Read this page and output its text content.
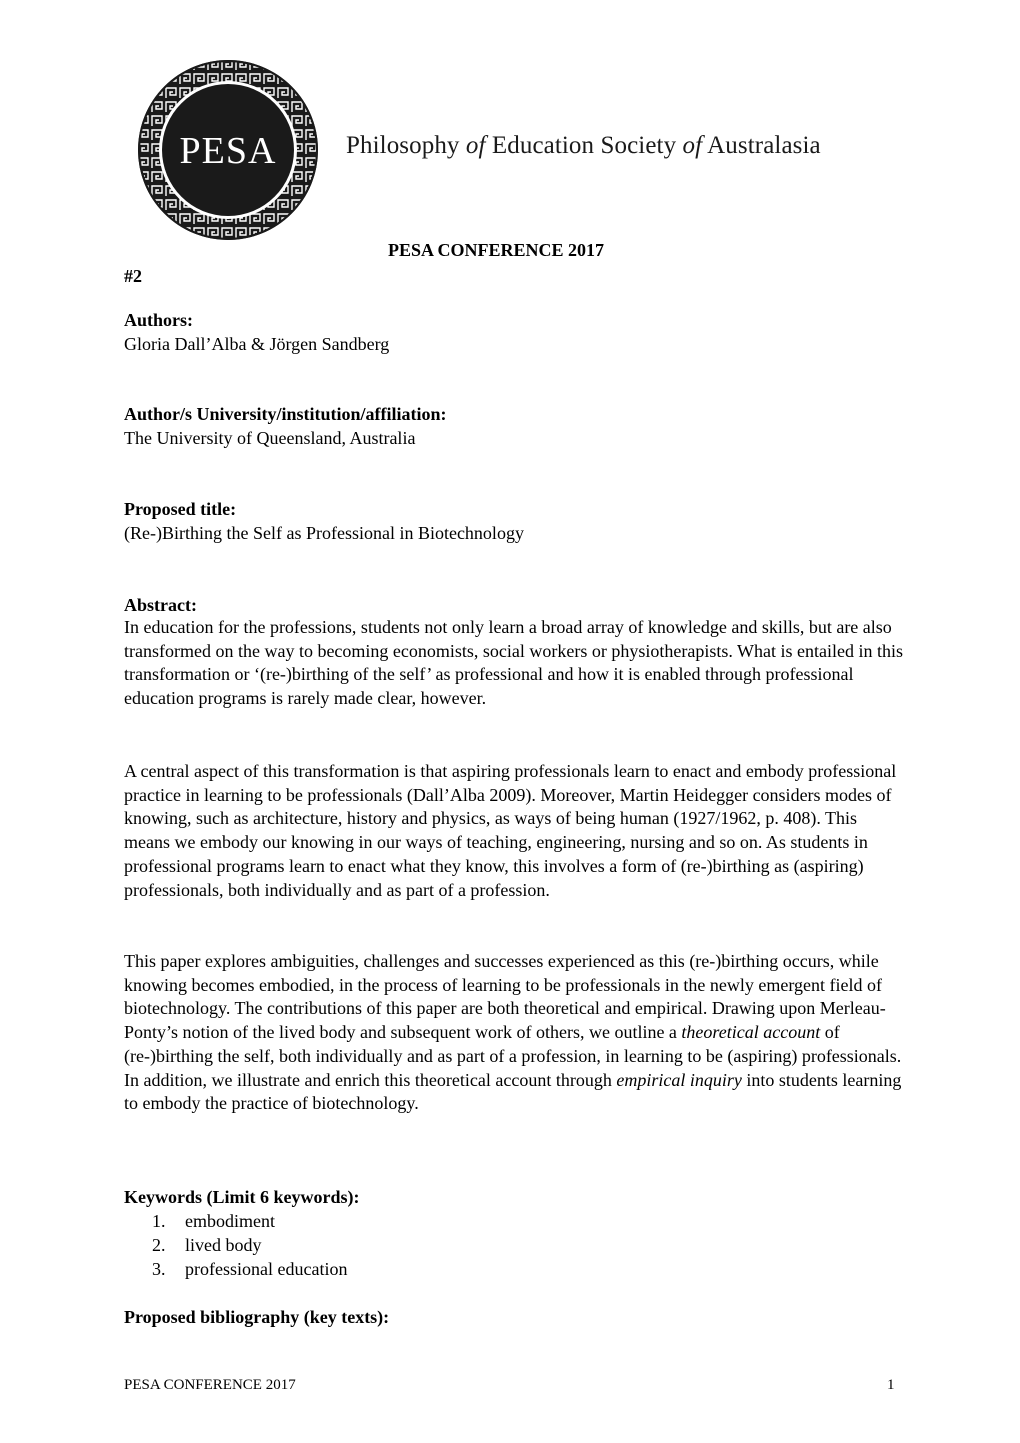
PESA	Philosophy of Education Society of Australasia
PESA CONFERENCE 2017
#2
Authors:
Gloria Dall’Alba & Jörgen Sandberg
Author/s University/institution/affiliation:
The University of Queensland, Australia
Proposed title:
(Re-)Birthing the Self as Professional in Biotechnology
Abstract:

In education for the professions, students not only learn a broad array of knowledge and skills, but are also transformed on the way to becoming economists, social workers or physiotherapists. What is entailed in this transformation or ‘(re-)birthing of the self’ as professional and how it is enabled through professional education programs is rarely made clear, however.

A central aspect of this transformation is that aspiring professionals learn to enact and embody professional practice in learning to be professionals (Dall’Alba 2009). Moreover, Martin Heidegger considers modes of knowing, such as architecture, history and physics, as ways of being human (1927/1962, p. 408). This means we embody our knowing in our ways of teaching, engineering, nursing and so on. As students in professional programs learn to enact what they know, this involves a form of (re-)birthing as (aspiring) professionals, both individually and as part of a profession.

This paper explores ambiguities, challenges and successes experienced as this (re-)birthing occurs, while knowing becomes embodied, in the process of learning to be professionals in the newly emergent field of biotechnology. The contributions of this paper are both theoretical and empirical. Drawing upon Merleau-Ponty’s notion of the lived body and subsequent work of others, we outline a theoretical account of (re-)birthing the self, both individually and as part of a profession, in learning to be (aspiring) professionals. In addition, we illustrate and enrich this theoretical account through empirical inquiry into students learning to embody the practice of biotechnology.

Keywords (Limit 6 keywords):
1.	embodiment
2.	lived body
3.	professional education
Proposed bibliography (key texts):
PESA CONFERENCE 2017	1
